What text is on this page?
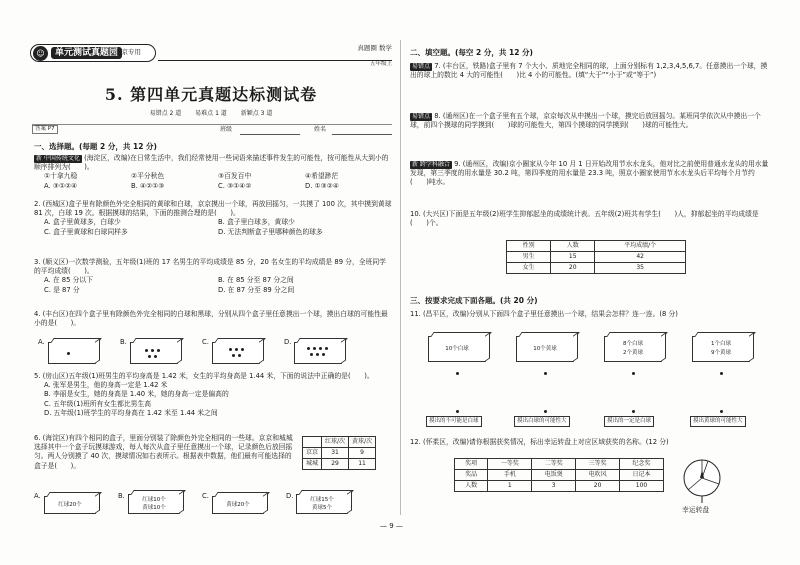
☺	单元测试真题园
北京专用	真题圈 数学
五年级上
5. 第四单元真题达标测试卷
易错点 2 道 易难点 1 道 新颖点 3 道
答案 P7	班级	姓名
一、选择题。(每题 2 分，共 12 分)
新 中国传统文化 (海淀区，改编)在日常生活中，我们经常使用一些词语来描述事件发生的可能性，按可能性从大到小的顺序排列为(　　)。
①十拿九稳	②平分秋色	③百发百中	④希望渺茫
A. ③①②④	B. ④②①③	C. ③①④②	D. ①③②④
2. (西城区)盒子里有除颜色外完全相同的黄球和白球，京京摸出一个球，再放回摇匀，一共摸了 100 次，其中摸到黄球 81 次，白球 19 次。根据摸球的结果，下面的推测合理的是(　　)。
A. 盒子里黄球多，白球少	B. 盒子里白球多，黄球少
C. 盒子里黄球和白球同样多	D. 无法判断盒子里哪种颜色的球多
3. (顺义区)一次数学测验，五年级(1)班的 17 名男生的平均成绩是 85 分，20 名女生的平均成绩是 89 分，全班同学的平均成绩(　　)。
A. 在 85 分以下	B. 在 85 分至 87 分之间
C. 是 87 分	D. 在 87 分至 89 分之间
4. (丰台区)在四个盒子里有除颜色外完全相同的白球和黑球，分别从四个盒子里任意摸出一个球，摸出白球的可能性最小的是(　　)。
A.	B.	C.	D.
5. (房山区)五年级(1)班男生的平均身高是 1.42 米，女生的平均身高是 1.44 米，下面的说法中正确的是(　　)。
A. 张军是男生，他的身高一定是 1.42 米
B. 李丽是女生，她的身高是 1.40 米，她的身高一定是偏高的
C. 五年级(1)班所有女生都比男生高
D. 五年级(1)班学生的平均身高在 1.42 米至 1.44 米之间
6. (海淀区)有四个相同的盒子，里面分别装了除颜色外完全相同的一些球。京京和城城选择其中一个盒子玩摸球游戏，每人每次从盒子里任意摸出一个球，记录颜色后放回摇匀。两人分别摸了 40 次，摸球情况如右表所示。根据表中数据，他们最有可能选择的盒子是(　　)。
	红球/次	黄球/次
京京	31	9
城城	29	11
A.
红球20个
B.	红球10个
黄球10个
C.
黄球20个
D.	红球15个
黄球5个
二、填空题。(每空 2 分，共 12 分)
易错点 7. (丰台区，铁路)盒子里有 7 个大小、质地完全相同的球，上面分别标有 1,2,3,4,5,6,7。任意摸出一个球，摸出的球上的数比 4 大的可能性(　　)比 4 小的可能性。(填“大于”“小于”或“等于”)
易错点 8. (通州区)在一个盒子里有五个球，京京每次从中摸出一个球，摸完后放回摇匀。某班同学依次从中摸出一个球，前四个摸球的同学摸到(　　)球的可能性大，第四个摸球的同学摸到(　　)球的可能性大。
新 跨学科融合 9. (通州区，改编)京小圈家从今年 10 月 1 日开始改用节水水龙头，他对比之前使用普通水龙头的用水量发现，第三季度的用水量是 30.2 吨，第四季度的用水量是 23.3 吨，照京小圈家使用节水水龙头后平均每个月节约(　　)吨水。
10. (大兴区)下面是五年级(2)班学生抑郁起坐的成绩统计表。五年级(2)班共有学生(　　)人，抑郁起坐的平均成绩是(　　)个。
性别	人数	平均成绩/个
男生	15	42
女生	20	35
三、按要求完成下面各题。(共 20 分)
11. (昌平区，改编)分别从下面四个盒子里任意摸出一个球，结果会怎样？连一连。(8 分)
10个白球	10个黄球
8个白球
2个黄球
1个白球
9个黄球
摸出的不可能是白球	摸出白球的可能性大	摸出的一定是白球	摸出黄球的可能性大
12. (怀柔区，改编)请你根据获奖情况，标出幸运转盘上对应区域获奖的名称。(12 分)
奖项	一等奖	二等奖	三等奖	纪念奖
奖品	手机	电饭煲	电吹风	日记本
人数	1	3	20	100
幸运转盘
— 9 —
